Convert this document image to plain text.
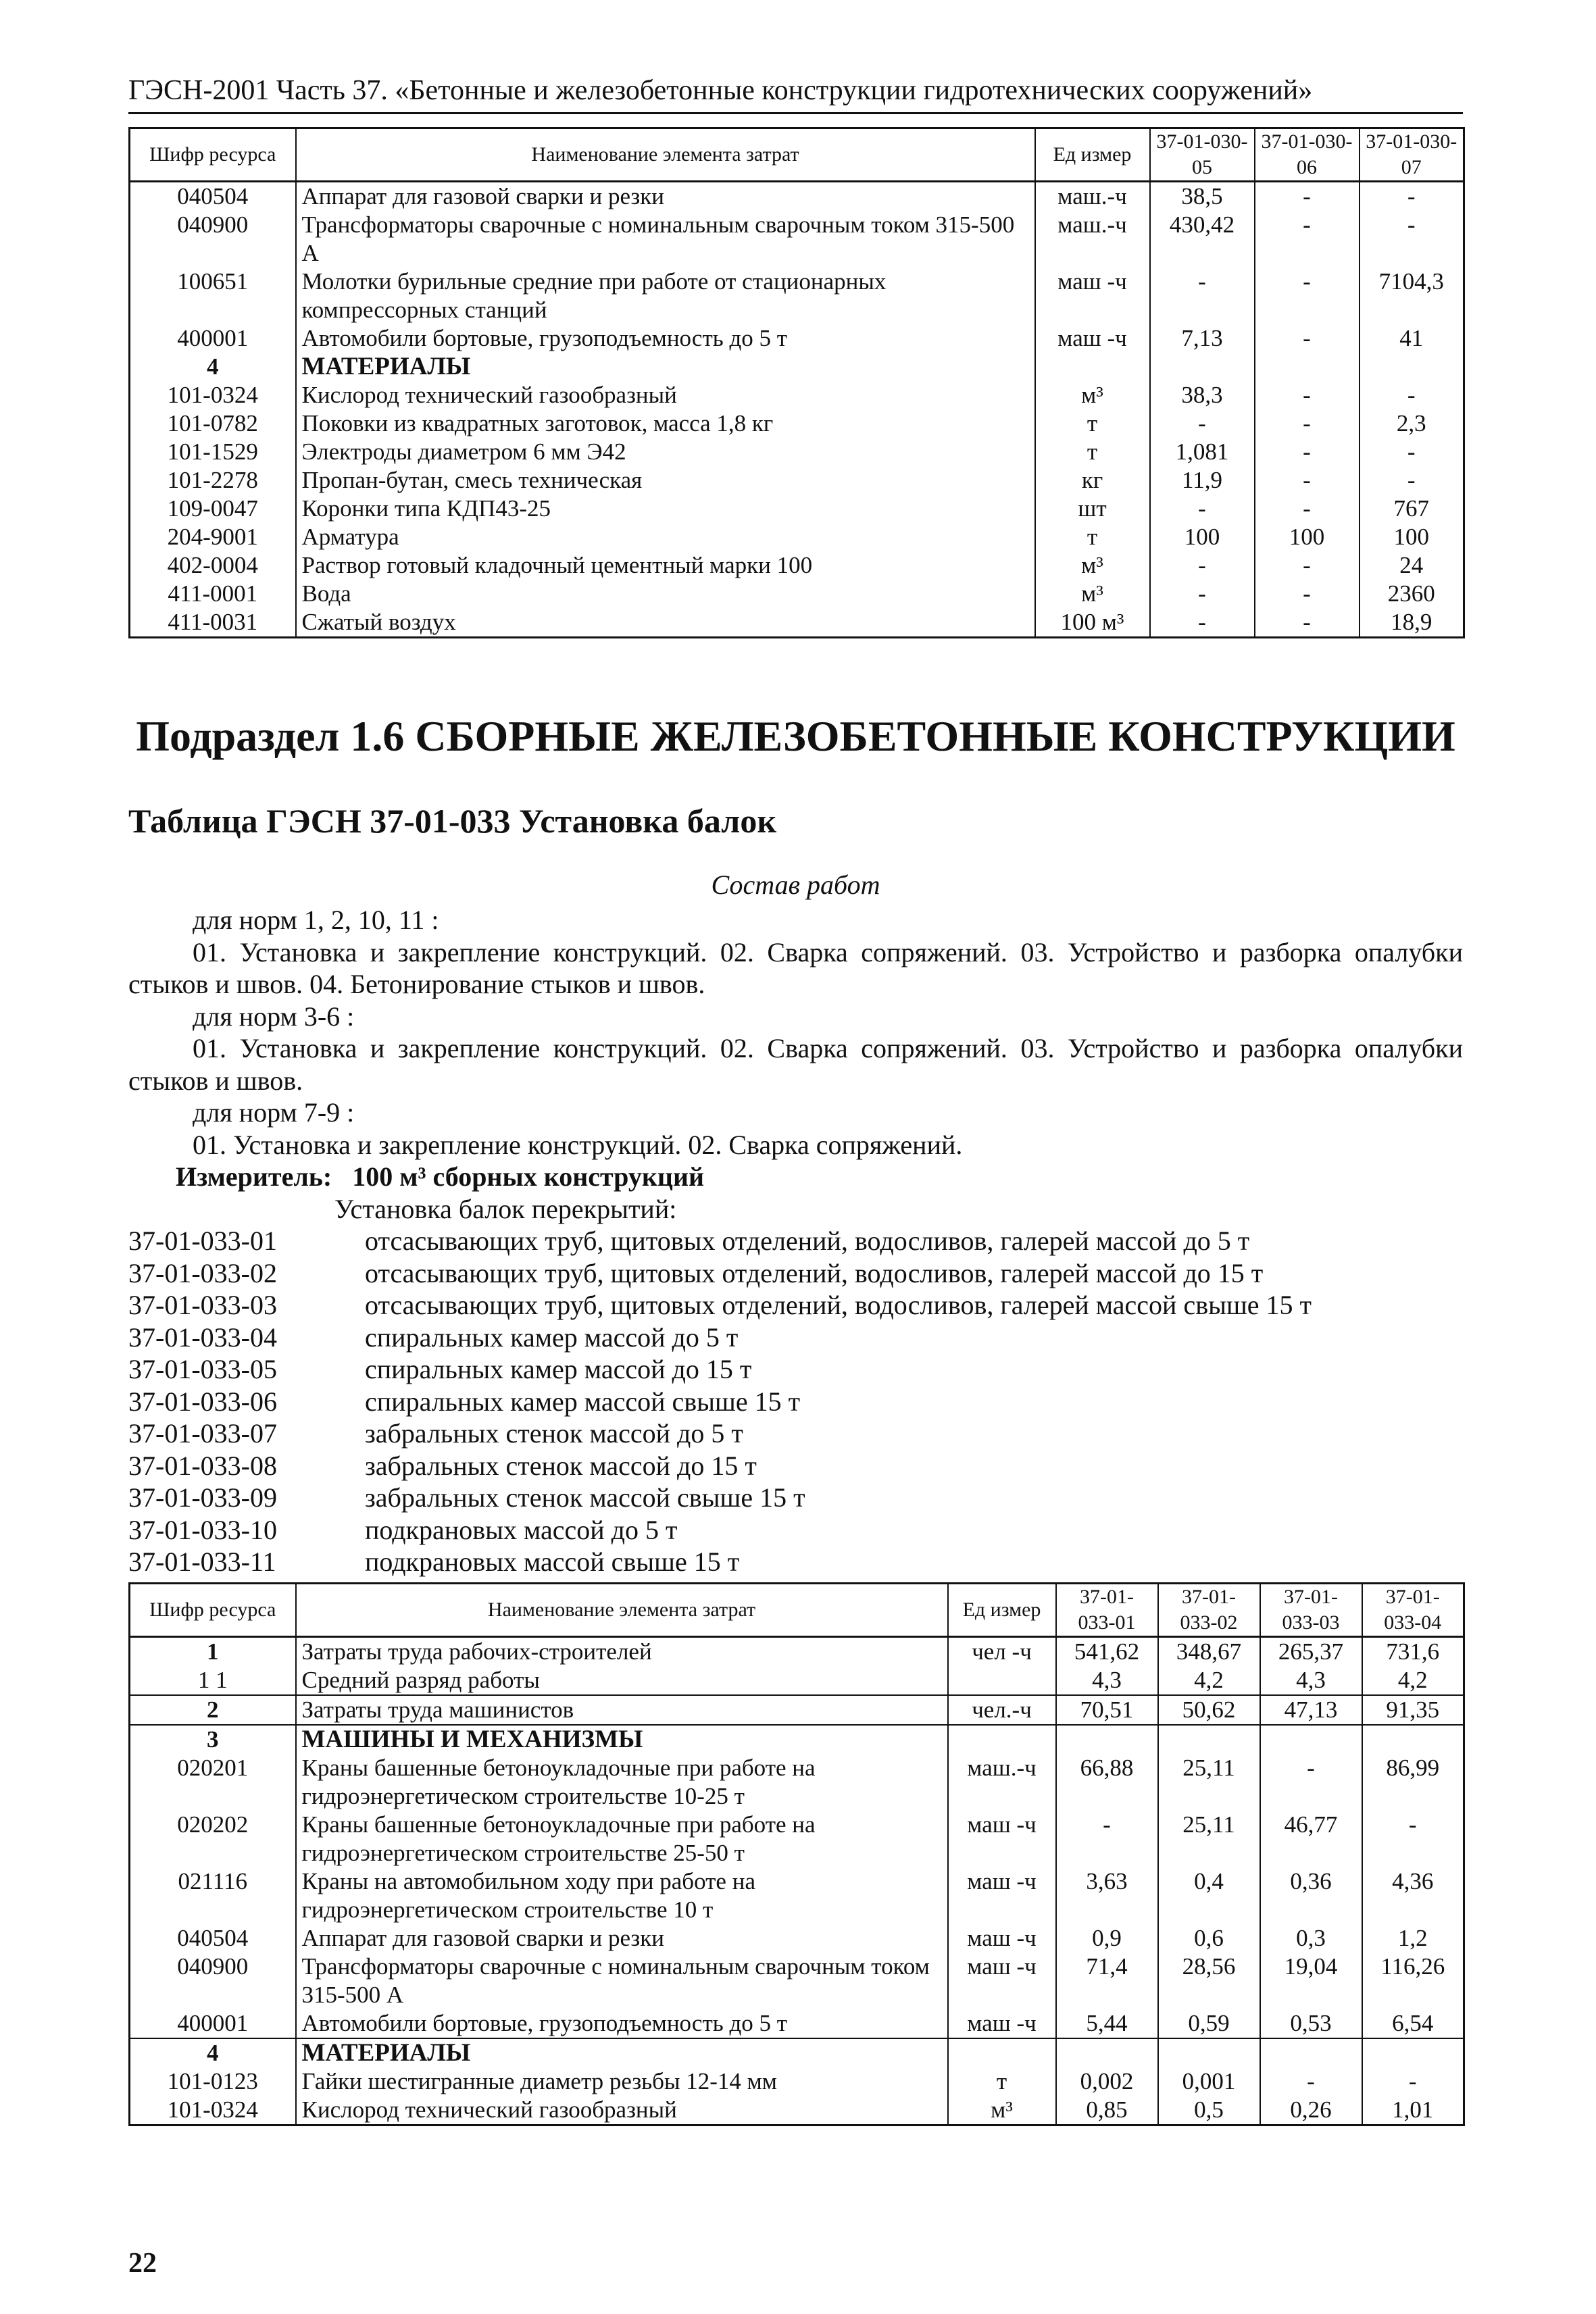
ГЭСН-2001 Часть 37. «Бетонные и железобетонные конструкции гидротехнических сооружений»
Шифр ресурса	Наименование элемента затрат	Ед измер	37-01-030-05	37-01-030-06	37-01-030-07
040504	Аппарат для газовой сварки и резки	маш.-ч	38,5	-	-
040900	Трансформаторы сварочные с номинальным сварочным током 315-500 А	маш.-ч	430,42	-	-
100651	Молотки бурильные средние при работе от стационарных компрессорных станций	маш -ч	-	-	7104,3
400001	Автомобили бортовые, грузоподъемность до 5 т	маш -ч	7,13	-	41
4	МАТЕРИАЛЫ				
101-0324	Кислород технический газообразный	м³	38,3	-	-
101-0782	Поковки из квадратных заготовок, масса 1,8 кг	т	-	-	2,3
101-1529	Электроды диаметром 6 мм Э42	т	1,081	-	-
101-2278	Пропан-бутан, смесь техническая	кг	11,9	-	-
109-0047	Коронки типа КДП43-25	шт	-	-	767
204-9001	Арматура	т	100	100	100
402-0004	Раствор готовый кладочный цементный марки 100	м³	-	-	24
411-0001	Вода	м³	-	-	2360
411-0031	Сжатый воздух	100 м³	-	-	18,9
Подраздел 1.6 СБОРНЫЕ ЖЕЛЕЗОБЕТОННЫЕ КОНСТРУКЦИИ
Таблица ГЭСН 37-01-033 Установка балок
Состав работ

для норм 1, 2, 10, 11 :

01. Установка и закрепление конструкций. 02. Сварка сопряжений. 03. Устройство и разборка опалубки стыков и швов. 04. Бетонирование стыков и швов.

для норм 3-6 :

01. Установка и закрепление конструкций. 02. Сварка сопряжений. 03. Устройство и разборка опалубки стыков и швов.

для норм 7-9 :

01. Установка и закрепление конструкций. 02. Сварка сопряжений.

Измеритель: 100 м³ сборных конструкций

Установка балок перекрытий:

37-01-033-01	отсасывающих труб, щитовых отделений, водосливов, галерей массой до 5 т
37-01-033-02	отсасывающих труб, щитовых отделений, водосливов, галерей массой до 15 т
37-01-033-03	отсасывающих труб, щитовых отделений, водосливов, галерей массой свыше 15 т
37-01-033-04	спиральных камер массой до 5 т
37-01-033-05	спиральных камер массой до 15 т
37-01-033-06	спиральных камер массой свыше 15 т
37-01-033-07	забральных стенок массой до 5 т
37-01-033-08	забральных стенок массой до 15 т
37-01-033-09	забральных стенок массой свыше 15 т
37-01-033-10	подкрановых массой до 5 т
37-01-033-11	подкрановых массой свыше 15 т
Шифр ресурса	Наименование элемента затрат	Ед измер	37-01-033-01	37-01-033-02	37-01-033-03	37-01-033-04
1	Затраты труда рабочих-строителей	чел -ч	541,62	348,67	265,37	731,6
1 1	Средний разряд работы		4,3	4,2	4,3	4,2
2	Затраты труда машинистов	чел.-ч	70,51	50,62	47,13	91,35
3	МАШИНЫ И МЕХАНИЗМЫ					
020201	Краны башенные бетоноукладочные при работе на гидроэнергетическом строительстве 10-25 т	маш.-ч	66,88	25,11	-	86,99
020202	Краны башенные бетоноукладочные при работе на гидроэнергетическом строительстве 25-50 т	маш -ч	-	25,11	46,77	-
021116	Краны на автомобильном ходу при работе на гидроэнергетическом строительстве 10 т	маш -ч	3,63	0,4	0,36	4,36
040504	Аппарат для газовой сварки и резки	маш -ч	0,9	0,6	0,3	1,2
040900	Трансформаторы сварочные с номинальным сварочным током 315-500 А	маш -ч	71,4	28,56	19,04	116,26
400001	Автомобили бортовые, грузоподъемность до 5 т	маш -ч	5,44	0,59	0,53	6,54
4	МАТЕРИАЛЫ					
101-0123	Гайки шестигранные диаметр резьбы 12-14 мм	т	0,002	0,001	-	-
101-0324	Кислород технический газообразный	м³	0,85	0,5	0,26	1,01
22
